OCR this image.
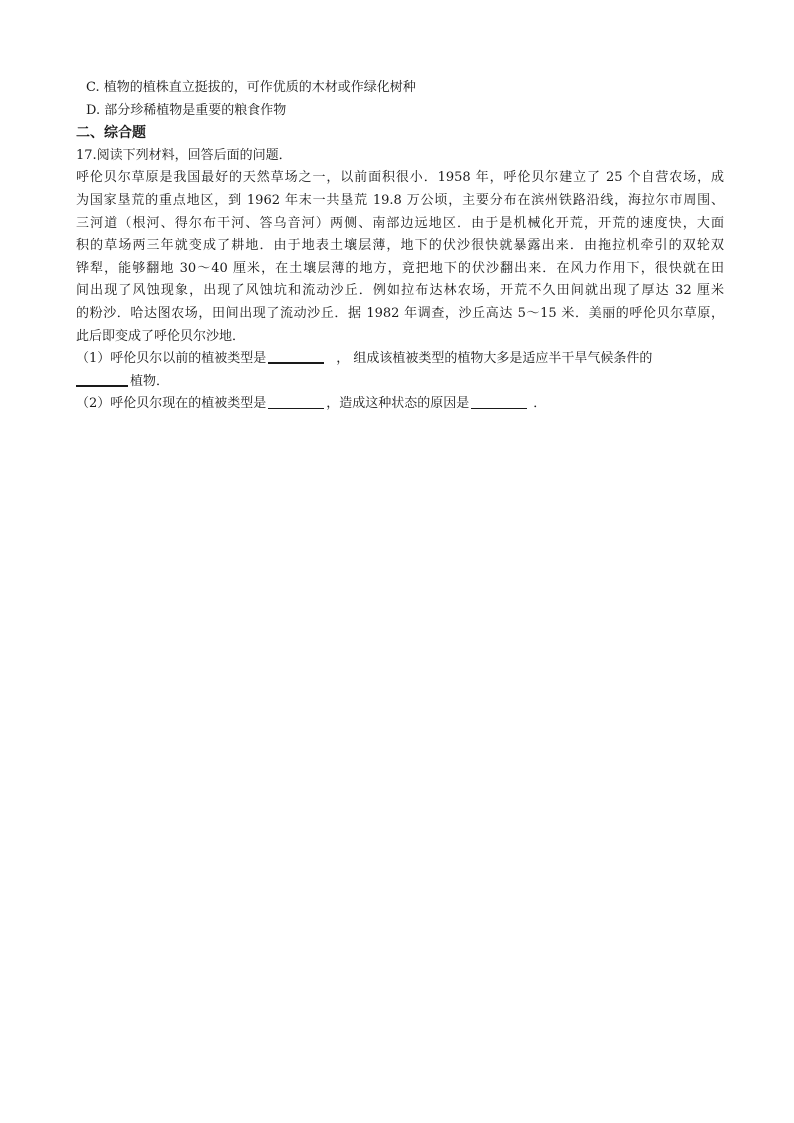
C. 植物的植株直立挺拔的，可作优质的木材或作绿化树种
D. 部分珍稀植物是重要的粮食作物
二、综合题
17.阅读下列材料，回答后面的问题．
呼伦贝尔草原是我国最好的天然草场之一，以前面积很小．1958 年，呼伦贝尔建立了 25 个自营农场，成
为国家垦荒的重点地区，到 1962 年末一共垦荒 19.8 万公顷，主要分布在滨州铁路沿线，海拉尔市周围、
三河道（根河、得尔布干河、答乌音河）两侧、南部边远地区．由于是机械化开荒，开荒的速度快，大面
积的草场两三年就变成了耕地．由于地表土壤层薄，地下的伏沙很快就暴露出来．由拖拉机牵引的双轮双
铧犁，能够翻地 30～40 厘米，在土壤层薄的地方，竟把地下的伏沙翻出来．在风力作用下，很快就在田
间出现了风蚀现象，出现了风蚀坑和流动沙丘．例如拉布达林农场，开荒不久田间就出现了厚达 32 厘米
的粉沙．哈达图农场，田间出现了流动沙丘．据 1982 年调查，沙丘高达 5～15 米．美丽的呼伦贝尔草原，
此后即变成了呼伦贝尔沙地．
（1）呼伦贝尔以前的植被类型是	， 组成该植被类型的植物大多是适应半干旱气候条件的
植物．
（2）呼伦贝尔现在的植被类型是	，造成这种状态的原因是	．
